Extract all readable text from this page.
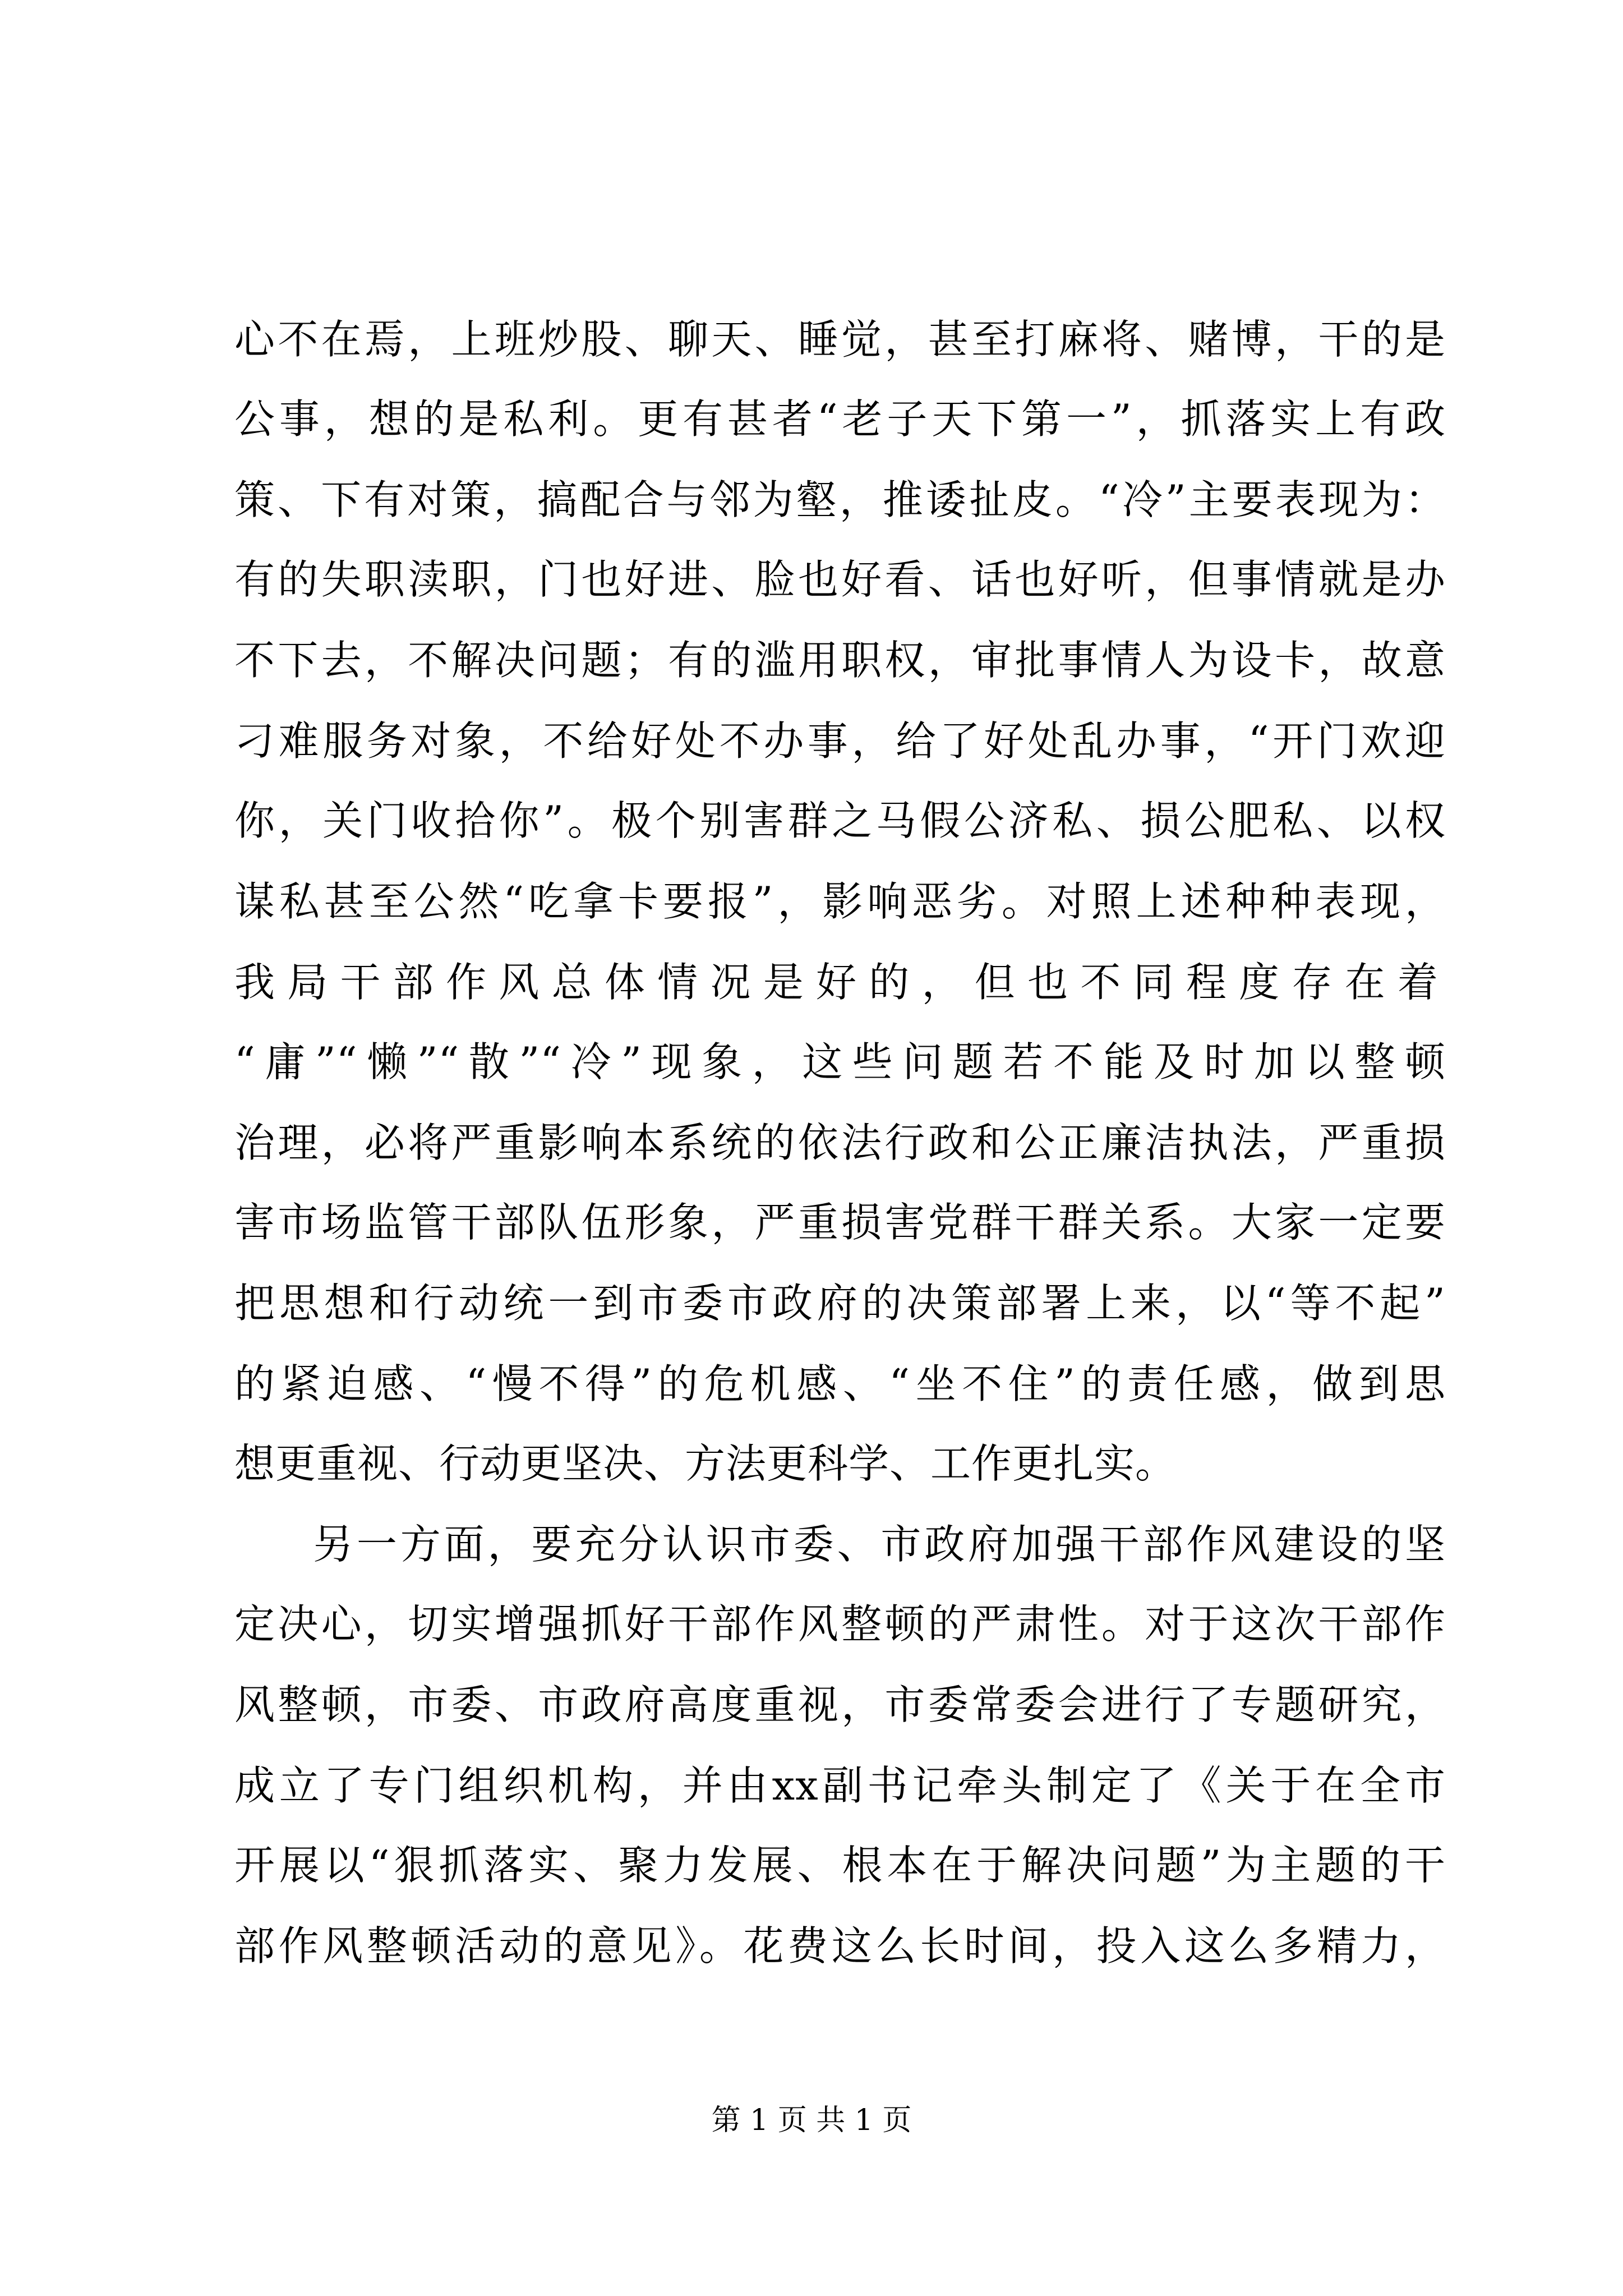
心不在焉，上班炒股、聊天、睡觉，甚至打麻将、赌博，干的是
公事，想的是私利。更有甚者“老子天下第一”，抓落实上有政
策、下有对策，搞配合与邻为壑，推诿扯皮。“冷”主要表现为：
有的失职渎职，门也好进、脸也好看、话也好听，但事情就是办
不下去，不解决问题；有的滥用职权，审批事情人为设卡，故意
刁难服务对象，不给好处不办事，给了好处乱办事，“开门欢迎
你，关门收拾你”。极个别害群之马假公济私、损公肥私、以权
谋私甚至公然“吃拿卡要报”，影响恶劣。对照上述种种表现，
我局干部作风总体情况是好的，但也不同程度存在着
“庸”“懒”“散”“冷”现象，这些问题若不能及时加以整顿
治理，必将严重影响本系统的依法行政和公正廉洁执法，严重损
害市场监管干部队伍形象，严重损害党群干群关系。大家一定要
把思想和行动统一到市委市政府的决策部署上来，以“等不起”
的紧迫感、“慢不得”的危机感、“坐不住”的责任感，做到思
想更重视、行动更坚决、方法更科学、工作更扎实。
另一方面，要充分认识市委、市政府加强干部作风建设的坚
定决心，切实增强抓好干部作风整顿的严肃性。对于这次干部作
风整顿，市委、市政府高度重视，市委常委会进行了专题研究，
成立了专门组织机构，并由xx副书记牵头制定了《关于在全市
开展以“狠抓落实、聚力发展、根本在于解决问题”为主题的干
部作风整顿活动的意见》。花费这么长时间，投入这么多精力，
第 1 页 共 1 页
